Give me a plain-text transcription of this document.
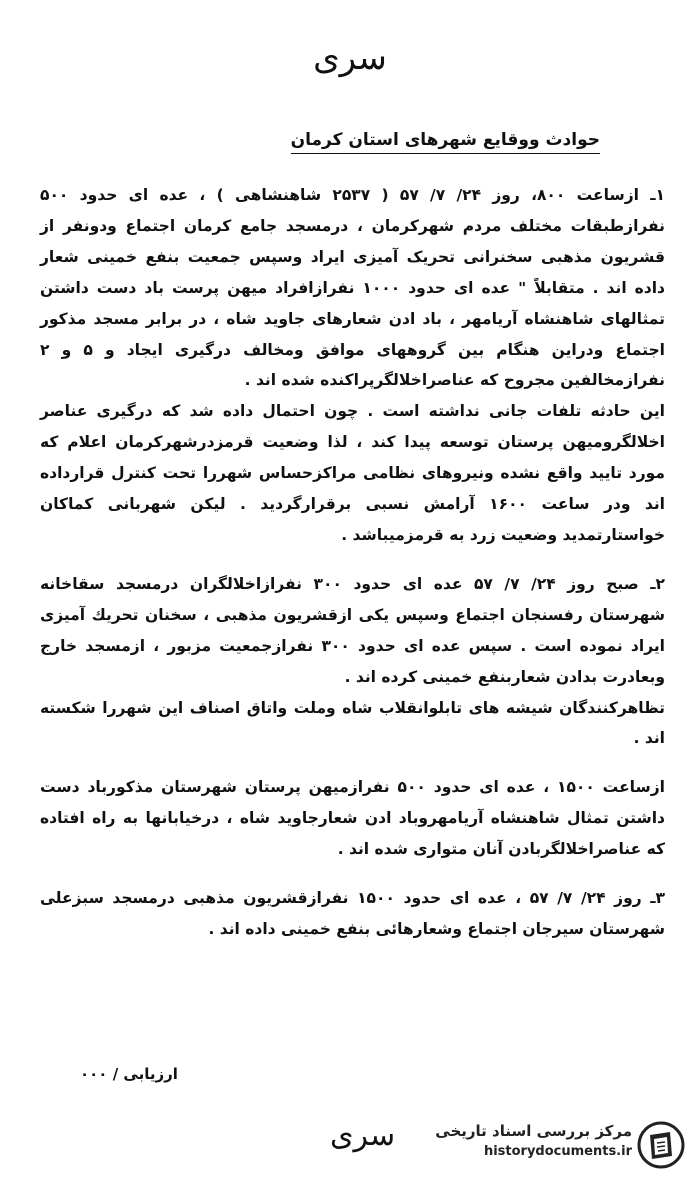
سری
حوادث ووقایع شهرهای استان کرمان

۱ـ ازساعت ۸۰۰، روز ۲۴/ ۷/ ۵۷ ( ۲۵۳۷ شاهنشاهی ) ، عده ای حدود ۵۰۰ نفرازطبقات مختلف مردم شهرکرمان ، درمسجد جامع کرمان اجتماع ودونفر از قشریون مذهبی سخنرانی تحریک آمیزی ایراد وسپس جمعیت بنفع خمینی شعار داده اند . متقابلاً " عده ای حدود ۱۰۰۰ نفرازافراد میهن پرست باد دست داشتن تمثالهای شاهنشاه آریامهر ، باد ادن شعارهای جاوید شاه ، در برابر مسجد مذکور اجتماع ودراین هنگام بین گروههای موافق ومخالف درگیری ایجاد و ۵ و ۲ نفرازمخالفین مجروح که عناصراخلالگرپراکنده شده اند .

این حادثه تلفات جانی نداشته است . چون احتمال داده شد که درگیری عناصر اخلالگروميهن پرستان توسعه پيدا كند ، لذا وضعيت قرمزدرشهركرمان اعلام كه مورد تاييد واقع نشده ونيروهای نظامی مراكزحساس شهررا تحت كنترل قرارداده اند ودر ساعت ۱۶۰۰ آرامش نسبی برقرارگرديد . ليكن شهربانی كماكان خواستارتمديد وضعيت زرد به قرمزميباشد .

۲ـ صبح روز ۲۴/ ۷/ ۵۷ عده ای حدود ۳۰۰ نفرازاخلالگران درمسجد سقاخانه شهرستان رفسنجان اجتماع وسپس يكی ازقشريون مذهبی ، سخنان تحريك آميزی ايراد نموده است . سپس عده ای حدود ۳۰۰ نفرازجمعيت مزبور ، ازمسجد خارج وبعادرت بدادن شعاربنفع خمينی كرده اند .

تظاهركنندگان شيشه های تابلوانقلاب شاه وملت واتاق اصناف اين شهررا شكسته اند .

ازساعت ۱۵۰۰ ، عده ای حدود ۵۰۰ نفرازميهن پرستان شهرستان مذكورباد دست داشتن تمثال شاهنشاه آريامهروباد ادن شعارجاويد شاه ، درخيابانها به راه افتاده كه عناصراخلالگربادن آنان متواری شده اند .

۳ـ روز ۲۴/ ۷/ ۵۷ ، عده ای حدود ۱۵۰۰ نفرازقشريون مذهبی درمسجد سبزعلی شهرستان سيرجان اجتماع وشعارهائی بنفع خمينی داده اند .

ارزیابی / ۰۰۰
سری	مرکز بررسی اسناد تاریخی
historydocuments.ir
